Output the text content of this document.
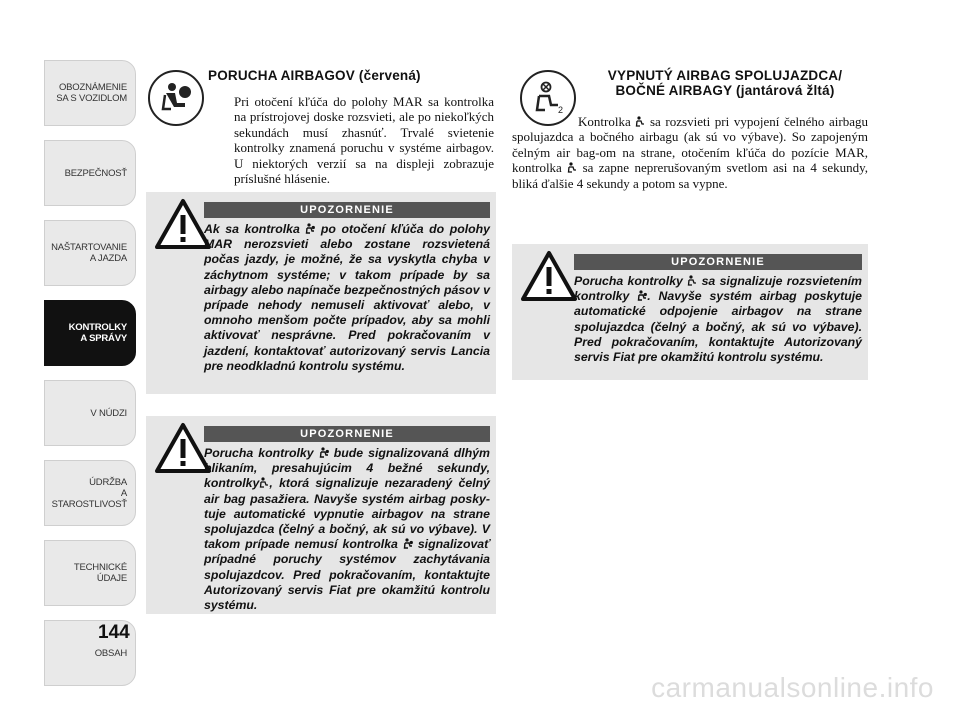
OBOZNÁMENIE
SA S VOZIDLOM
BEZPEČNOSŤ
NAŠTARTOVANIE
A JAZDA
KONTROLKY
A SPRÁVY
V NÚDZI
ÚDRŽBA
A STAROSTLIVOSŤ
TECHNICKÉ
ÚDAJE
OBSAH
144
PORUCHA AIRBAGOV (červená)
Pri otočení kľúča do polohy MAR sa kontrolka na prístrojovej doske rozsvieti, ale po niekoľkých sekundách musí zhasnúť. Trvalé svietenie kontrolky znamená poruchu v systéme airbagov. U niektorých verzií sa na displeji zobrazuje príslušné hlásenie.
2
VYPNUTÝ AIRBAG SPOLUJAZDCA/
BOČNÉ AIRBAGY (jantárová žltá)
Kontrolka sa rozsvieti pri vypojení čelného airbagu spolujazdca a bočného airbagu (ak sú vo výbave). So zapojeným čelným air bag-om na strane, otočením kľúča do pozície MAR, kontrolka sa zapne neprerušovaným svetlom asi na 4 sekundy, bliká ďalšie 4 sekundy a potom sa vypne.
UPOZORNENIE
Ak sa kontrolka po otočení kľúča do polohy MAR nerozsvieti alebo zostane rozsvietená počas jazdy, je možné, že sa vyskytla chyba v záchytnom systéme; v takom prípade by sa airbagy alebo napínače bezpečnostných pásov v prípade nehody nemuseli aktivovať alebo, v omnoho menšom počte prípadov, aby sa mohli aktivovať nesprávne. Pred pokračovaním v jazdení, kontaktovať autorizovaný servis Lancia pre neodkladnú kontrolu systému.
UPOZORNENIE
Porucha kontrolky bude signalizovaná dlhým blikaním, presahujúcim 4 bežné sekundy, kontrolky , ktorá signalizuje nezaradený čelný air bag pasažiera. Navyše systém airbag poskytuje automatické vypnutie airbagov na strane spolujazdca (čelný a bočný, ak sú vo výbave). V takom prípade nemusí kontrolka signalizovať prípadné poruchy systémov zachytávania spolujazdcov. Pred pokračovaním, kontaktujte Autorizovaný servis Fiat pre okamžitú kontrolu systému.
UPOZORNENIE
Porucha kontrolky sa signalizuje rozsvietením kontrolky . Navyše systém airbag poskytuje automatické odpojenie airbagov na strane spolujazdca (čelný a bočný, ak sú vo výbave). Pred pokračovaním, kontaktujte Autorizovaný servis Fiat pre okamžitú kontrolu systému.
carmanualsonline.info
